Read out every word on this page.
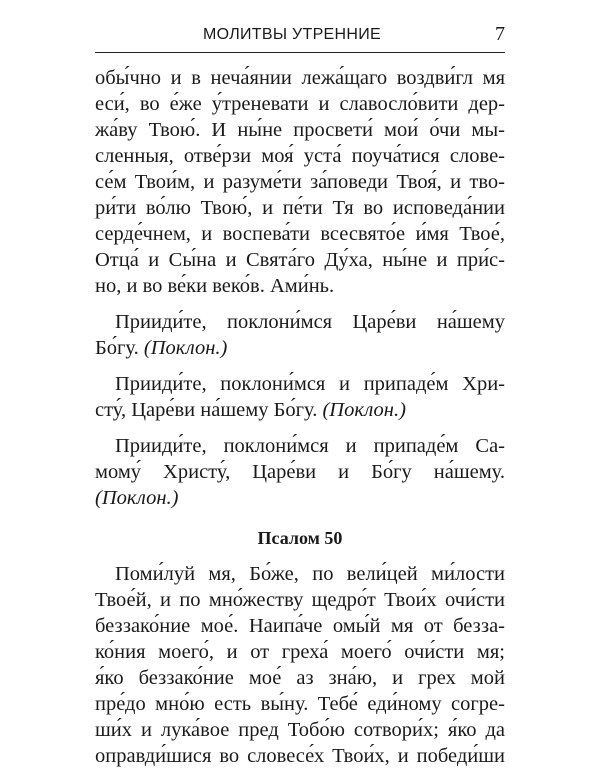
МОЛИТВЫ УТРЕННИЕ	7
обы́чно и в неча́янии лежа́щаго воздви́гл мя
еси́, во е́же у́треневати и славосло́вити дер-
жа́ву Твою́. И ны́не просвети́ мои́ о́чи мы-
сленныя, отве́рзи моя́ уста́ поуча́тися слове-
се́м Твои́м, и разуме́ти за́поведи Твоя́, и тво-
ри́ти во́лю Твою́, и пе́ти Тя во исповеда́нии
серде́чнем, и воспева́ти всесвято́е и́мя Твое́,
Отца́ и Сы́на и Свята́го Ду́ха, ны́не и при́с-
но, и во ве́ки веко́в. Ами́нь.
Прииди́те, поклони́мся Царе́ви на́шему
Бо́гу. (Поклон.)
Прииди́те, поклони́мся и припаде́м Хри-
сту́, Царе́ви на́шему Бо́гу. (Поклон.)
Прииди́те, поклони́мся и припаде́м Са-
мому́ Христу́, Царе́ви и Бо́гу на́шему.
(Поклон.)
Псалом 50
Поми́луй мя, Бо́же, по вели́цей ми́лости
Твое́й, и по мно́жеству щедро́т Твои́х очи́сти
беззако́ние мое́. Наипа́че омы́й мя от безза-
ко́ния моего́, и от греха́ моего́ очи́сти мя;
я́ко беззако́ние мое́ аз зна́ю, и грех мой
пре́до мно́ю есть вы́ну. Тебе́ еди́ному согре-
ши́х и лука́вое пред Тобо́ю сотвори́х; я́ко да
оправди́шися во словесе́х Твои́х, и победи́ши
